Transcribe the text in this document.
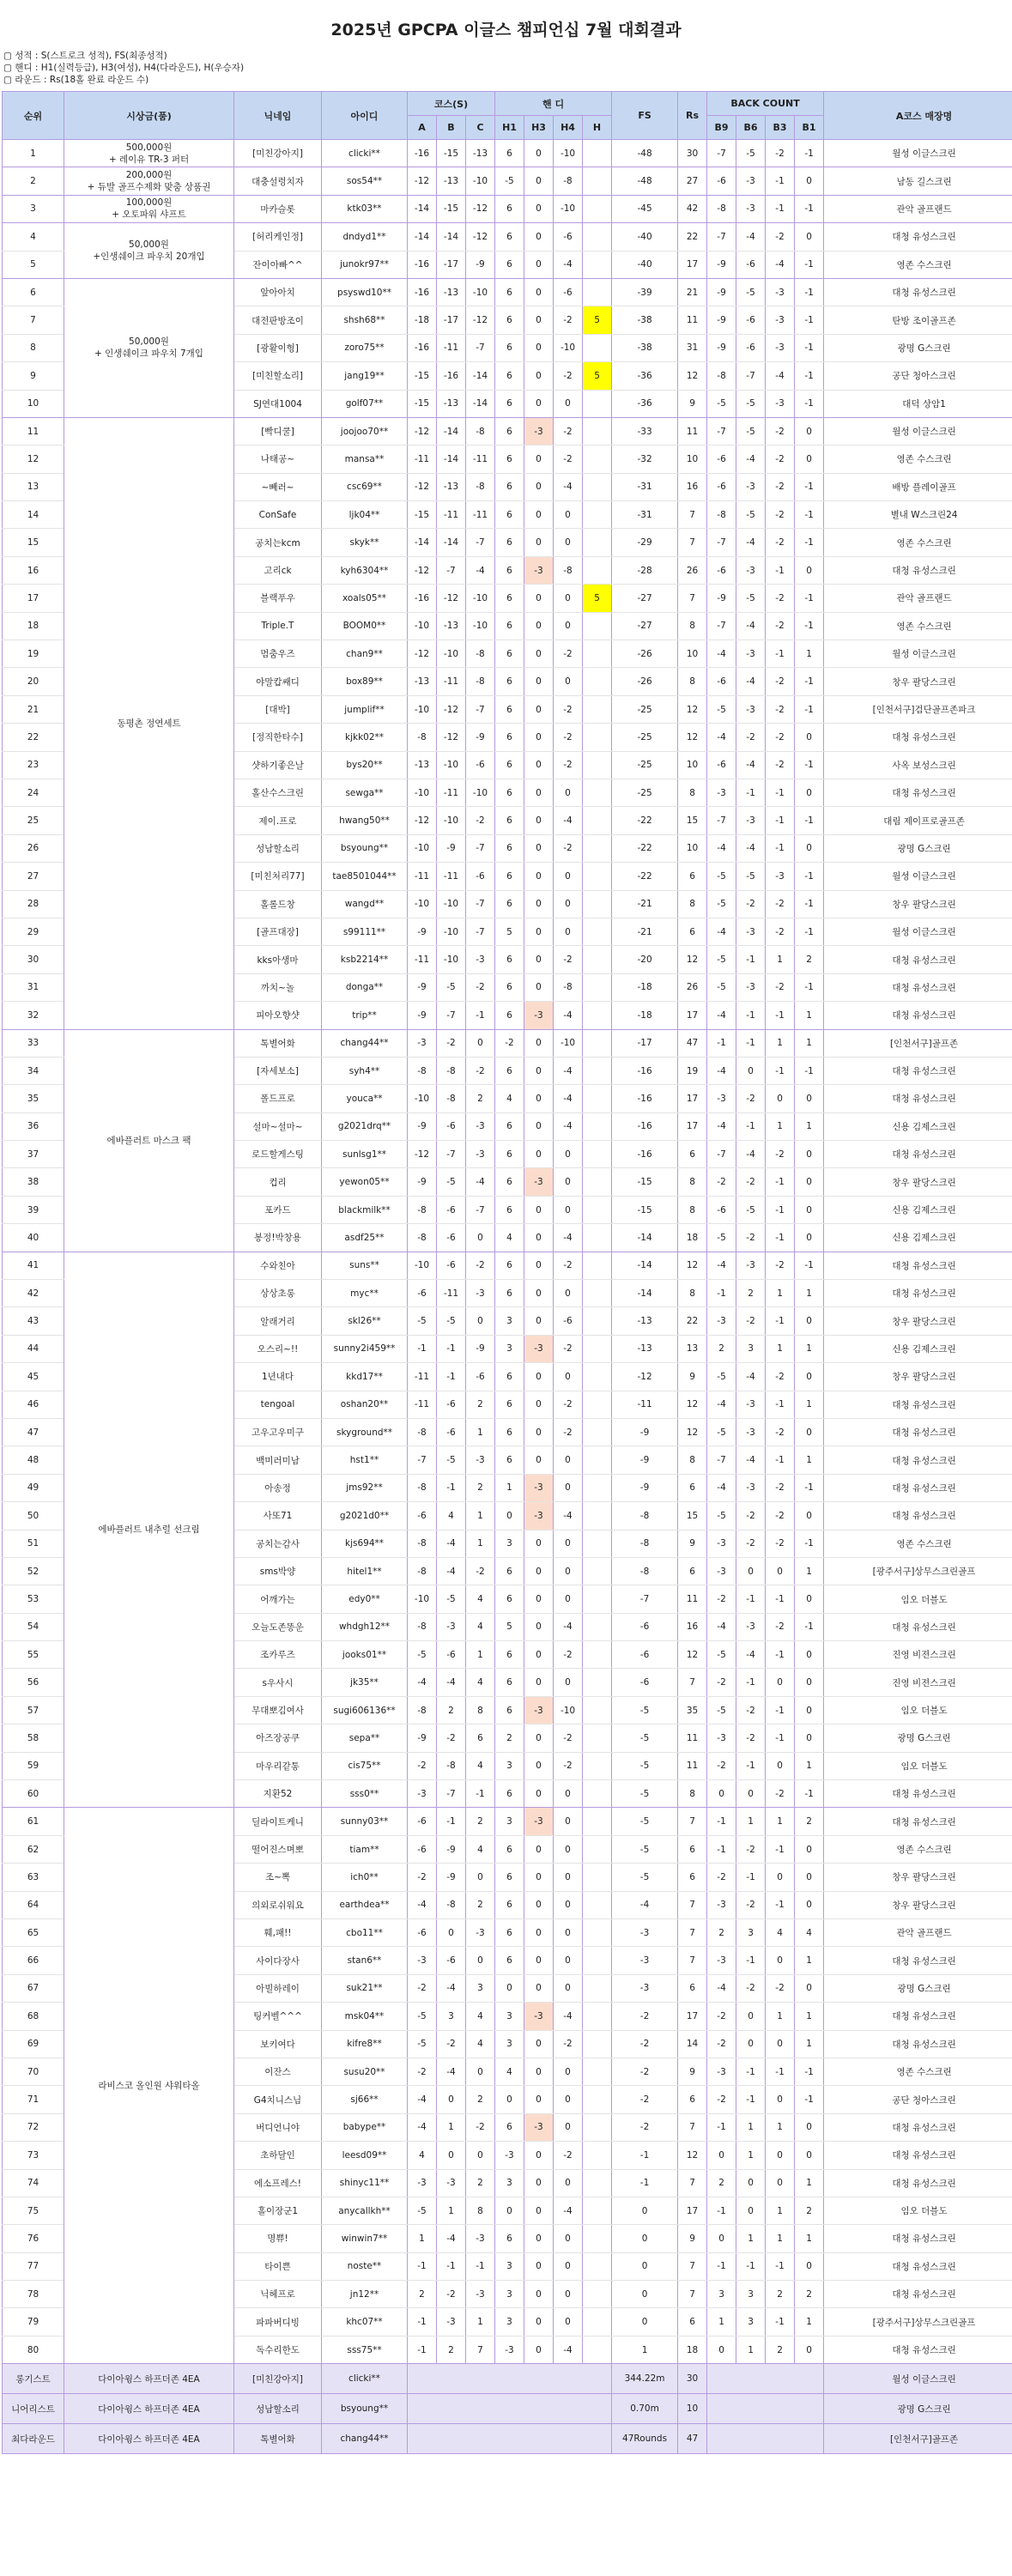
2025년 GPCPA 이글스 챔피언십 7월 대회결과
▢ 성적 : S(스트로크 성적), FS(최종성적)
▢ 핸디 : H1(실력등급), H3(여성), H4(다라운드), H(우승자)
▢ 라운드 : Rs(18홀 완료 라운드 수)
순위	시상금(품)	닉네임	아이디	코스(S)			핸 디				FS	Rs	BACK COUNT				A코스 매장명
				A	B	C	H1	H3	H4	H			B9	B6	B3	B1	
1	500,000원
+ 레이유 TR-3 퍼터	[미친강아지]	clicki**	-16	-15	-13	6	0	-10		-48	30	-7	-5	-2	-1	월성 이글스크린
2	200,000원
+ 듀발 골프수제화 맞춤 상품권	대충설렁치자	sos54**	-12	-13	-10	-5	0	-8		-48	27	-6	-3	-1	0	남동 길스크린
3	100,000원
+ 오토파워 샤프트	마카슬롯	ktk03**	-14	-15	-12	6	0	-10		-45	42	-8	-3	-1	-1	관악 골프랜드
4	50,000원
+인생쉐이크 파우치 20개입	[허리케인정]	dndyd1**	-14	-14	-12	6	0	-6		-40	22	-7	-4	-2	0	대청 유성스크린
5		잔이아빠^^	junokr97**	-16	-17	-9	6	0	-4		-40	17	-9	-6	-4	-1	영존 수스크린
6	50,000원
+ 인생쉐이크 파우치 7개입	앞아아치	psyswd10**	-16	-13	-10	6	0	-6		-39	21	-9	-5	-3	-1	대청 유성스크린
7		대전판방조이	shsh68**	-18	-17	-12	6	0	-2	5	-38	11	-9	-6	-3	-1	탄방 조이골프존
8		[광활이형]	zoro75**	-16	-11	-7	6	0	-10		-38	31	-9	-6	-3	-1	광명 G스크린
9		[미친할소리]	jang19**	-15	-16	-14	6	0	-2	5	-36	12	-8	-7	-4	-1	공단 청아스크린
10		SJ연대1004	golf07**	-15	-13	-14	6	0	0		-36	9	-5	-5	-3	-1	대덕 상암1
11	동평촌 정연세트	[빡디쿨]	joojoo70**	-12	-14	-8	6	-3	-2		-33	11	-7	-5	-2	0	월성 이글스크린
12		나태공~	mansa**	-11	-14	-11	6	0	-2		-32	10	-6	-4	-2	0	영존 수스크린
13		~빼러~	csc69**	-12	-13	-8	6	0	-4		-31	16	-6	-3	-2	-1	배방 플레이골프
14		ConSafe	ljk04**	-15	-11	-11	6	0	0		-31	7	-8	-5	-2	-1	별내 W스크린24
15		공치는kcm	skyk**	-14	-14	-7	6	0	0		-29	7	-7	-4	-2	-1	영존 수스크린
16		고리ck	kyh6304**	-12	-7	-4	6	-3	-8		-28	26	-6	-3	-1	0	대청 유성스크린
17		블랙푸우	xoals05**	-16	-12	-10	6	0	0	5	-27	7	-9	-5	-2	-1	관악 골프랜드
18		Triple.T	BOOM0**	-10	-13	-10	6	0	0		-27	8	-7	-4	-2	-1	영존 수스크린
19		멈춤우즈	chan9**	-12	-10	-8	6	0	-2		-26	10	-4	-3	-1	1	월성 이글스크린
20		야말캅쌔디	box89**	-13	-11	-8	6	0	0		-26	8	-6	-4	-2	-1	창우 팔당스크린
21		[대박]	jumplif**	-10	-12	-7	6	0	-2		-25	12	-5	-3	-2	-1	[인천서구]검단골프존파크
22		[정직한타수]	kjkk02**	-8	-12	-9	6	0	-2		-25	12	-4	-2	-2	0	대청 유성스크린
23		샷하기좋은날	bys20**	-13	-10	-6	6	0	-2		-25	10	-6	-4	-2	-1	사옥 보성스크린
24		홀산수스크린	sewga**	-10	-11	-10	6	0	0		-25	8	-3	-1	-1	0	대청 유성스크린
25		제이.프로	hwang50**	-12	-10	-2	6	0	-4		-22	15	-7	-3	-1	-1	대림 제이프로골프존
26		성남할소리	bsyoung**	-10	-9	-7	6	0	-2		-22	10	-4	-4	-1	0	광명 G스크린
27		[미친처리77]	tae8501044**	-11	-11	-6	6	0	0		-22	6	-5	-5	-3	-1	월성 이글스크린
28		홀롤드창	wangd**	-10	-10	-7	6	0	0		-21	8	-5	-2	-2	-1	창우 팔당스크린
29		[골프대장]	s99111**	-9	-10	-7	5	0	0		-21	6	-4	-3	-2	-1	월성 이글스크린
30		kks아생마	ksb2214**	-11	-10	-3	6	0	-2		-20	12	-5	-1	1	2	대청 유성스크린
31		까치~놀	donga**	-9	-5	-2	6	0	-8		-18	26	-5	-3	-2	-1	대청 유성스크린
32		피아오향샷	trip**	-9	-7	-1	6	-3	-4		-18	17	-4	-1	-1	1	대청 유성스크린
33	에바플러트 마스크 팩	톡별어화	chang44**	-3	-2	0	-2	0	-10		-17	47	-1	-1	1	1	[인천서구]골프존
34		[자세보소]	syh4**	-8	-8	-2	6	0	-4		-16	19	-4	0	-1	-1	대청 유성스크린
35		폴드프로	youca**	-10	-8	2	4	0	-4		-16	17	-3	-2	0	0	대청 유성스크린
36		설마~설마~	g2021drq**	-9	-6	-3	6	0	-4		-16	17	-4	-1	1	1	신용 김제스크린
37		로드할게스팅	sunlsg1**	-12	-7	-3	6	0	0		-16	6	-7	-4	-2	0	대청 유성스크린
38		컵리	yewon05**	-9	-5	-4	6	-3	0		-15	8	-2	-2	-1	0	창우 팔당스크린
39		포카드	blackmilk**	-8	-6	-7	6	0	0		-15	8	-6	-5	-1	0	신용 김제스크린
40		봉정!박창용	asdf25**	-8	-6	0	4	0	-4		-14	18	-5	-2	-1	0	신용 김제스크린
41	에바플러트 내추럴 선크림	수와친아	suns**	-10	-6	-2	6	0	-2		-14	12	-4	-3	-2	-1	대청 유성스크린
42		상상초롱	myc**	-6	-11	-3	6	0	0		-14	8	-1	2	1	1	대청 유성스크린
43		알래거리	skl26**	-5	-5	0	3	0	-6		-13	22	-3	-2	-1	0	창우 팔당스크린
44		오스리~!!	sunny2i459**	-1	-1	-9	3	-3	-2		-13	13	2	3	1	1	신용 김제스크린
45		1년내다	kkd17**	-11	-1	-6	6	0	0		-12	9	-5	-4	-2	0	창우 팔당스크린
46		tengoal	oshan20**	-11	-6	2	6	0	-2		-11	12	-4	-3	-1	1	대청 유성스크린
47		고우고우미구	skyground**	-8	-6	1	6	0	-2		-9	12	-5	-3	-2	0	대청 유성스크린
48		백미러미남	hst1**	-7	-5	-3	6	0	0		-9	8	-7	-4	-1	1	대청 유성스크린
49		아송정	jms92**	-8	-1	2	1	-3	0		-9	6	-4	-3	-2	-1	대청 유성스크린
50		사또71	g2021d0**	-6	4	1	0	-3	-4		-8	15	-5	-2	-2	0	대청 유성스크린
51		공치는감사	kjs694**	-8	-4	1	3	0	0		-8	9	-3	-2	-2	-1	영존 수스크린
52		sms박양	hitel1**	-8	-4	-2	6	0	0		-8	6	-3	0	0	1	[광주서구]상무스크린골프
53		어깨가는	edy0**	-10	-5	4	6	0	0		-7	11	-2	-1	-1	0	임오 더블도
54		오늘도존똥운	whdgh12**	-8	-3	4	5	0	-4		-6	16	-4	-3	-2	-1	대청 유성스크린
55		조카루즈	jooks01**	-5	-6	1	6	0	-2		-6	12	-5	-4	-1	0	진영 비젼스크린
56		s우사시	jk35**	-4	-4	4	6	0	0		-6	7	-2	-1	0	0	진영 비젼스크린
57		무대뽀김여사	sugi606136**	-8	2	8	6	-3	-10		-5	35	-5	-2	-1	0	임오 더블도
58		아즈장공쿠	sepa**	-9	-2	6	2	0	-2		-5	11	-3	-2	-1	0	광명 G스크린
59		마우리같통	cis75**	-2	-8	4	3	0	-2		-5	11	-2	-1	0	1	임오 더블도
60		지환52	sss0**	-3	-7	-1	6	0	0		-5	8	0	0	-2	-1	대청 유성스크린
61	라비스코 올인원 샤워타올	딜라이트케니	sunny03**	-6	-1	2	3	-3	0		-5	7	-1	1	1	2	대청 유성스크린
62		떨어진스며뽀	tiam**	-6	-9	4	6	0	0		-5	6	-1	-2	-1	0	영존 수스크린
63		조~뽁	ich0**	-2	-9	0	6	0	0		-5	6	-2	-1	0	0	창우 팔당스크린
64		의외로쉬워요	earthdea**	-4	-8	2	6	0	0		-4	7	-3	-2	-1	0	창우 팔당스크린
65		훼,패!!	cbo11**	-6	0	-3	6	0	0		-3	7	2	3	4	4	관악 골프랜드
66		사이다장사	stan6**	-3	-6	0	6	0	0		-3	7	-3	-1	0	1	대청 유성스크린
67		아빌하레이	suk21**	-2	-4	3	0	0	0		-3	6	-4	-2	-2	0	광명 G스크린
68		팅커벨^^^	msk04**	-5	3	4	3	-3	-4		-2	17	-2	0	1	1	대청 유성스크린
69		보키여다	kifre8**	-5	-2	4	3	0	-2		-2	14	-2	0	0	1	대청 유성스크린
70		이잔스	susu20**	-2	-4	0	4	0	0		-2	9	-3	-1	-1	-1	영존 수스크린
71		G4치니스님	sj66**	-4	0	2	0	0	0		-2	6	-2	-1	0	-1	공단 청아스크린
72		버디언니야	babype**	-4	1	-2	6	-3	0		-2	7	-1	1	1	0	대청 유성스크린
73		초하달인	leesd09**	4	0	0	-3	0	-2		-1	12	0	1	0	0	대청 유성스크린
74		에소프레스!	shinyc11**	-3	-3	2	3	0	0		-1	7	2	0	0	1	대청 유성스크린
75		홀이장군1	anycallkh**	-5	1	8	0	0	-4		0	17	-1	0	1	2	임오 더블도
76		명쀼!	winwin7**	1	-4	-3	6	0	0		0	9	0	1	1	1	대청 유성스크린
77		타이쁜	noste**	-1	-1	-1	3	0	0		0	7	-1	-1	-1	0	대청 유성스크린
78		닉헤프로	jn12**	2	-2	-3	3	0	0		0	7	3	3	2	2	대청 유성스크린
79		파파버디빙	khc07**	-1	-3	1	3	0	0		0	6	1	3	-1	1	[광주서구]상무스크린골프
80		독수리한도	sss75**	-1	2	7	-3	0	-4		1	18	0	1	2	0	대청 유성스크린
롱기스트	다이아윙스 하프더존 4EA	[미친강아지]	clicki**								344.22m	30					월성 이글스크린
니어리스트	다이아윙스 하프더존 4EA	성남할소리	bsyoung**								0.70m	10					광명 G스크린
최다라운드	다이아윙스 하프더존 4EA	톡별어화	chang44**								47Rounds	47					[인천서구]골프존
